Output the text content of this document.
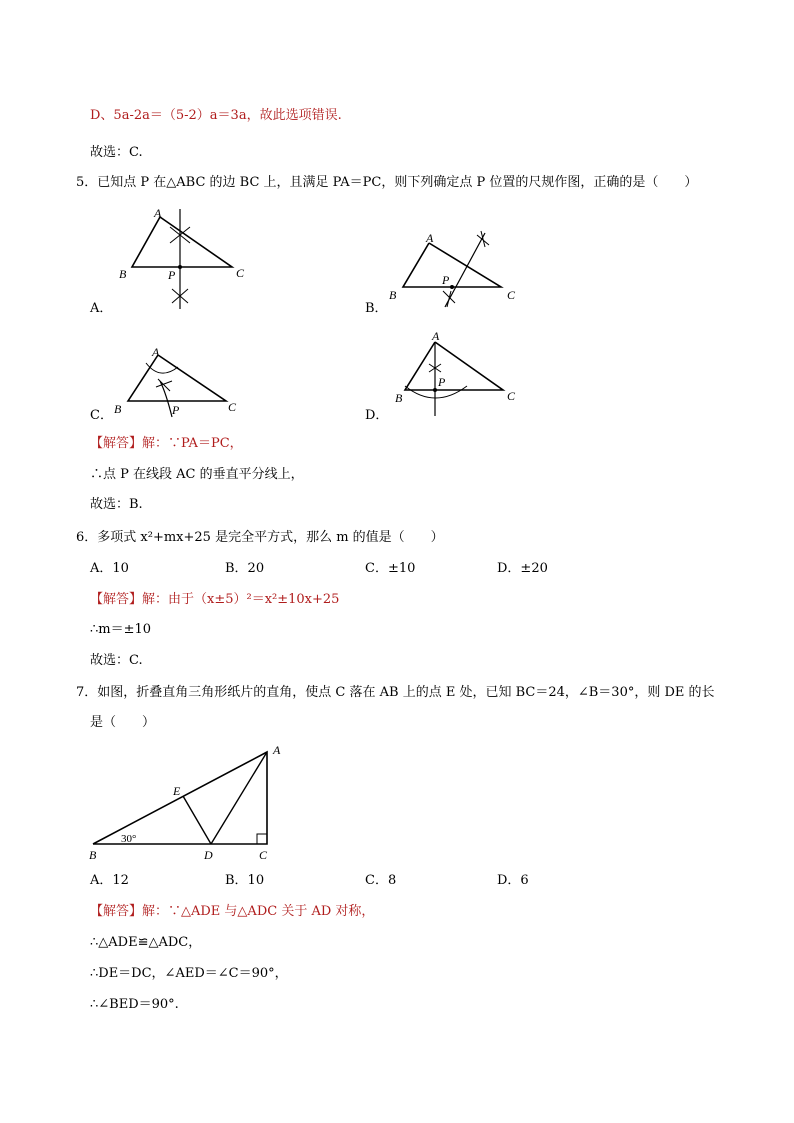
D、5a-2a＝（5-2）a＝3a，故此选项错误.
故选：C.
5．已知点 P 在△ABC 的边 BC 上，且满足 PA＝PC，则下列确定点 P 位置的尺规作图，正确的是（　　）
A．
A
B	C
P
B．
A
B	C
P
C．
A
B	C
P	D．
A
B	C
P
【解答】解：∵PA＝PC，
∴点 P 在线段 AC 的垂直平分线上，
故选：B.
6．多项式 x²+mx+25 是完全平方式，那么 m 的值是（　　）
A．10	B．20	C．±10	D．±20
【解答】解：由于（x±5）²＝x²±10x+25
∴m＝±10
故选：C.
7．如图，折叠直角三角形纸片的直角，使点 C 落在 AB 上的点 E 处，已知 BC＝24，∠B＝30°，则 DE 的长
是（　　）
A
B	C
D
E
30°
A．12	B．10	C．8	D．6
【解答】解：∵△ADE 与△ADC 关于 AD 对称，
∴△ADE≌△ADC，
∴DE＝DC，∠AED＝∠C＝90°，
∴∠BED＝90°.
